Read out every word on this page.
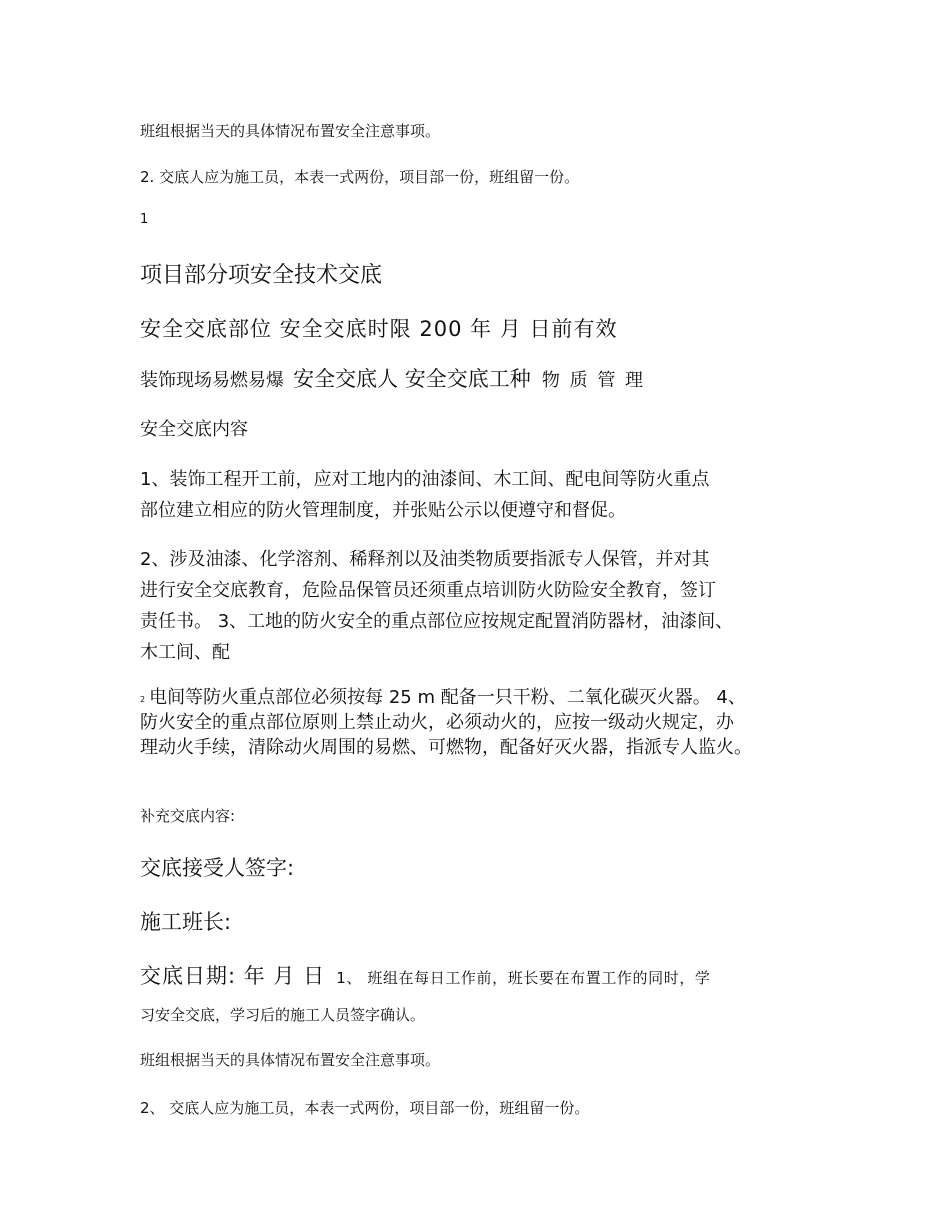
班组根据当天的具体情况布置安全注意事项。
2. 交底人应为施工员，本表一式两份，项目部一份，班组留一份。
1
项目部分项安全技术交底
安全交底部位 安全交底时限 200 年 月 日前有效
装饰现场易燃易爆 安全交底人 安全交底工种 物 质 管 理
安全交底内容
1、装饰工程开工前，应对工地内的油漆间、木工间、配电间等防火重点
部位建立相应的防火管理制度，并张贴公示以便遵守和督促。
2、涉及油漆、化学溶剂、稀释剂以及油类物质要指派专人保管，并对其
进行安全交底教育，危险品保管员还须重点培训防火防险安全教育，签订
责任书。 3、工地的防火安全的重点部位应按规定配置消防器材，油漆间、
木工间、配
2 电间等防火重点部位必须按每 25 m 配备一只干粉、二氧化碳灭火器。 4、
防火安全的重点部位原则上禁止动火，必须动火的，应按一级动火规定，办
理动火手续，清除动火周围的易燃、可燃物，配备好灭火器，指派专人监火。
补充交底内容:
交底接受人签字:
施工班长:
交底日期: 年 月 日 1、 班组在每日工作前，班长要在布置工作的同时，学
习安全交底，学习后的施工人员签字确认。
班组根据当天的具体情况布置安全注意事项。
2、 交底人应为施工员，本表一式两份，项目部一份，班组留一份。
